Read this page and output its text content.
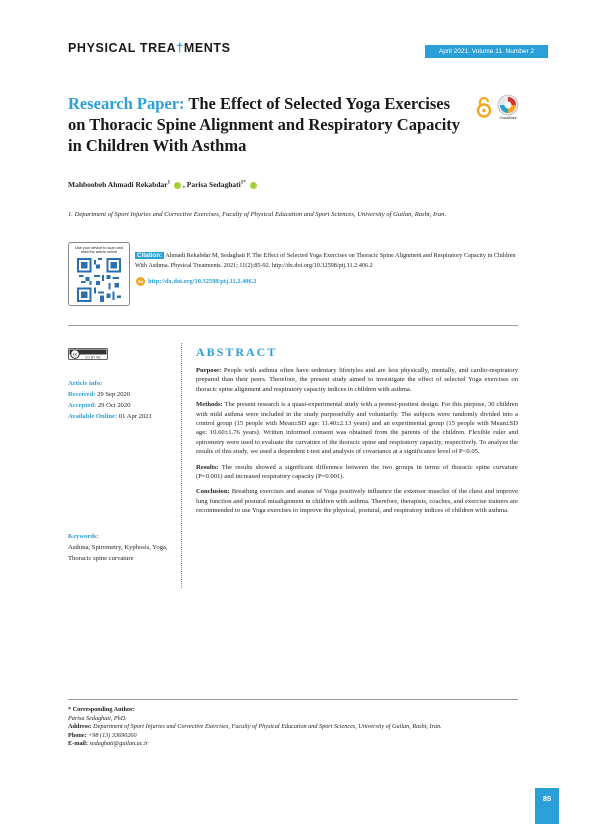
PHYSICAL TREA†MENTS	April 2021. Volume 11. Number 2
Research Paper: The Effect of Selected Yoga Exercises
on Thoracic Spine Alignment and Respiratory Capacity
in Children With Asthma
CrossMark
Mahboobeh Ahmadi Rekabdar$^1$ , Parisa Sedaghati$^{1*}$
1. Department of Sport Injuries and Corrective Exercises, Faculty of Physical Education and Sport Sciences, University of Guilan, Rasht, Iran.
Use your device to scan and read the article online	Citation: Ahmadi Rekabdar M, Sedaghati P. The Effect of Selected Yoga Exercises on Thoracic Spine Alignment and Respiratory Capacity in Children With Asthma. Physical Treatments. 2021; 11(2):85-92. http://dx.doi.org/10.32598/ptj.11.2.406.2
doi http://dx.doi.org/10.32598/ptj.11.2.406.2
cc
CC BY NC
Article info:
Received: 29 Sep 2020
Accepted: 29 Oct 2020
Available Online: 01 Apr 2021
Keywords:
Asthma, Spirometry, Kyphosis, Yoga, Thoracic spine curvature
ABSTRACT

Purpose: People with asthma often have sedentary lifestyles and are less physically, mentally, and cardio-respiratory prepared than their peers. Therefore, the present study aimed to investigate the effect of selected Yoga exercises on thoracic spine alignment and respiratory capacity indices in children with asthma.

Methods: The present research is a quasi-experimental study with a pretest-posttest design. For this purpose, 30 children with mild asthma were included in the study purposefully and voluntarily. The subjects were randomly divided into a control group (15 people with Mean±SD age: 11.40±2.13 years) and an experimental group (15 people with Mean±SD age: 10.60±1.76 years). Written informed consent was obtained from the parents of the children. Flexible ruler and spirometry were used to evaluate the curvature of the thoracic spine and respiratory capacity, respectively. To analyze the results of this study, we used a dependent t-test and analysis of covariance at a significance level of P<0.05.

Results: The results showed a significant difference between the two groups in terms of thoracic spine curvature (P=0.001) and increased respiratory capacity (P=0.001).

Conclusion: Breathing exercises and asanas of Yoga positively influence the extensor muscles of the chest and improve lung function and postural misalignment in children with asthma. Therefore, therapists, coaches, and exercise trainers are recommended to use Yoga exercises to improve the physical, postural, and respiratory indices of children with asthma.

* Corresponding Author:
Parisa Sedaghati, PhD.
Address: Department of Sport Injuries and Corrective Exercises, Faculty of Physical Education and Sport Sciences, University of Guilan, Rasht, Iran.
Phone: +98 (13) 33690260
E-mail: sedaghati@guilan.ac.ir
85
